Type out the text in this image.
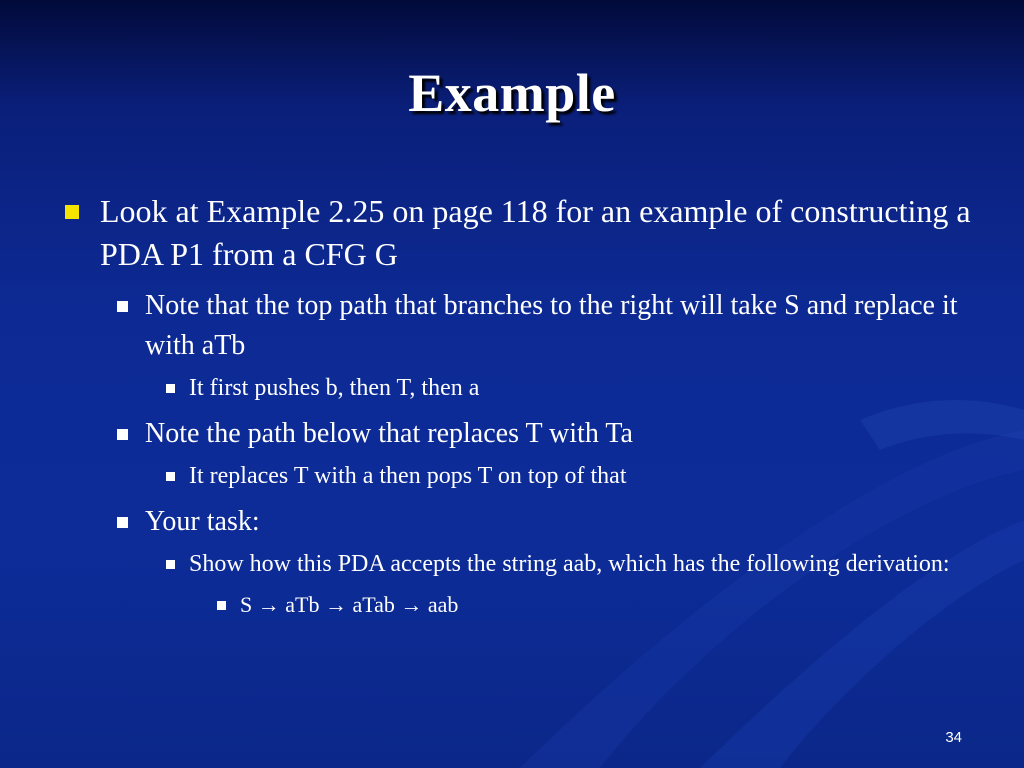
Example
Look at Example 2.25 on page 118 for an example of constructing a PDA P1 from a CFG G
Note that the top path that branches to the right will take S and replace it with aTb
It first pushes b, then T, then a
Note the path below that replaces T with Ta
It replaces T with a then pops T on top of that
Your task:
Show how this PDA accepts the string aab, which has the following derivation:
S → aTb → aTab → aab
34
